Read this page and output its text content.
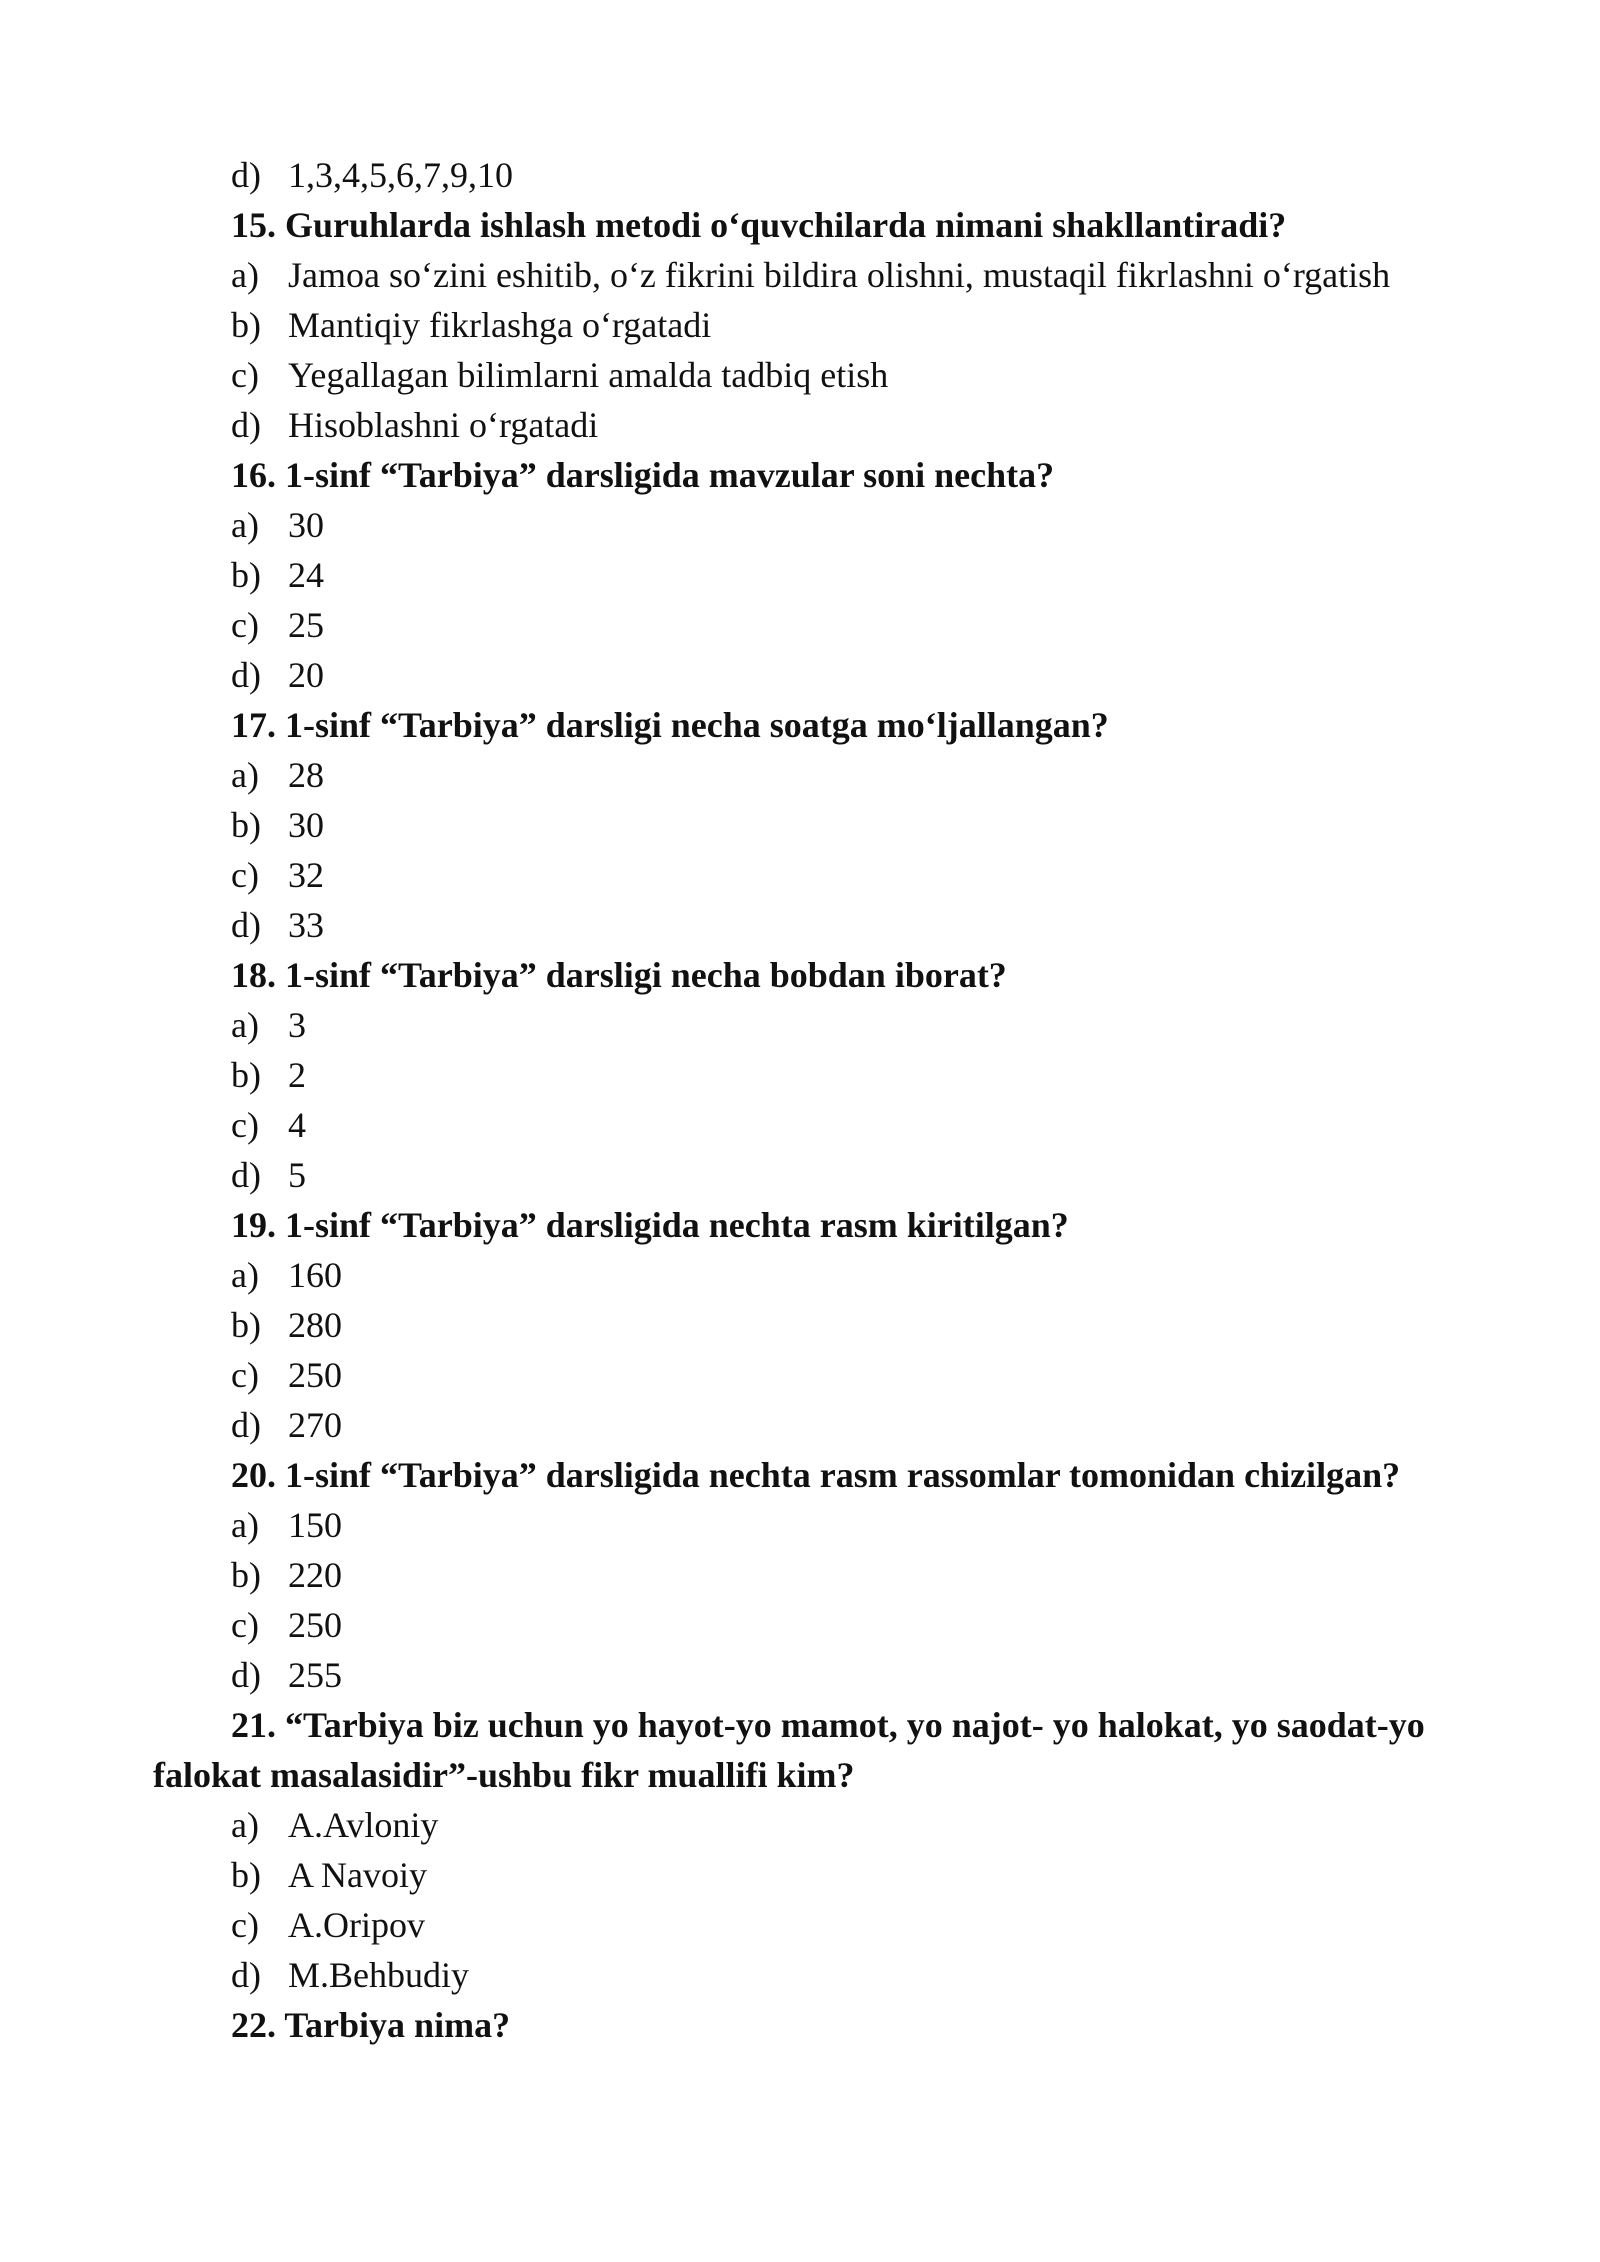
d) 1,3,4,5,6,7,9,10
15. Guruhlarda ishlash metodi o‘quvchilarda nimani shakllantiradi?
a) Jamoa so‘zini eshitib, o‘z fikrini bildira olishni, mustaqil fikrlashni o‘rgatish
b) Mantiqiy fikrlashga o‘rgatadi
c) Yegallagan bilimlarni amalda tadbiq etish
d) Hisoblashni o‘rgatadi
16. 1-sinf “Tarbiya” darsligida mavzular soni nechta?
a) 30
b) 24
c) 25
d) 20
17. 1-sinf “Tarbiya” darsligi necha soatga mo‘ljallangan?
a) 28
b) 30
c) 32
d) 33
18. 1-sinf “Tarbiya” darsligi necha bobdan iborat?
a) 3
b) 2
c) 4
d) 5
19. 1-sinf “Tarbiya” darsligida nechta rasm kiritilgan?
a) 160
b) 280
c) 250
d) 270
20. 1-sinf “Tarbiya” darsligida nechta rasm rassomlar tomonidan chizilgan?
a) 150
b) 220
c) 250
d) 255
21. “Tarbiya biz uchun yo hayot-yo mamot, yo najot- yo halokat, yo saodat-yo falokat masalasidir”-ushbu fikr muallifi kim?
a) A.Avloniy
b) A Navoiy
c) A.Oripov
d) M.Behbudiy
22. Tarbiya nima?
